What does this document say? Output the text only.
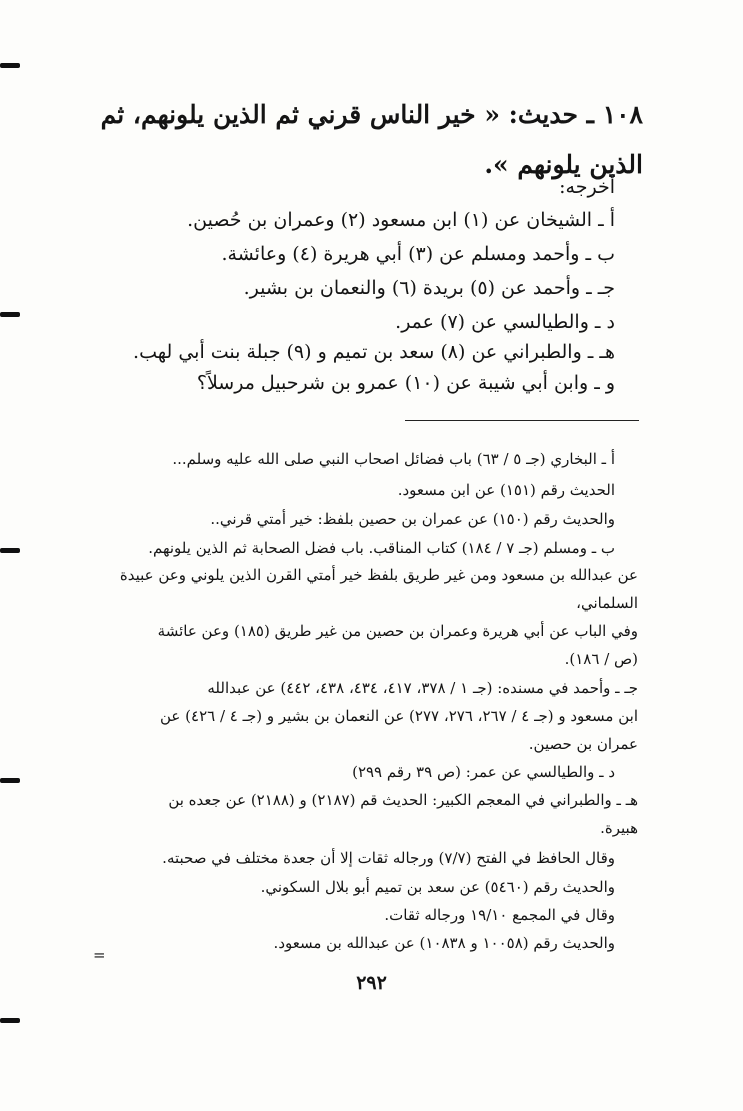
١٠٨ ـ حديث: « خير الناس قرني ثم الذين يلونهم، ثم الذين يلونهم ».
أخرجه:
أ ـ الشيخان عن (١) ابن مسعود (٢) وعمران بن حُصين.
ب ـ وأحمد ومسلم عن (٣) أبي هريرة (٤) وعائشة.
جـ ـ وأحمد عن (٥) بريدة (٦) والنعمان بن بشير.
د ـ والطيالسي عن (٧) عمر.
هـ ـ والطبراني عن (٨) سعد بن تميم و (٩) جبلة بنت أبي لهب.
و ـ وابن أبي شيبة عن (١٠) عمرو بن شرحبيل مرسلاً؟
أ ـ البخاري (جـ ٥ / ٦٣) باب فضائل اصحاب النبي صلى الله عليه وسلم...
الحديث رقم (١٥١) عن ابن مسعود.
والحديث رقم (١٥٠) عن عمران بن حصين بلفظ: خير أمتي قرني..
ب ـ ومسلم (جـ ٧ / ١٨٤) كتاب المناقب. باب فضل الصحابة ثم الذين يلونهم.
عن عبدالله بن مسعود ومن غير طريق بلفظ خير أمتي القرن الذين يلوني وعن عبيدة
السلماني،
وفي الباب عن أبي هريرة وعمران بن حصين من غير طريق (١٨٥) وعن عائشة
(ص / ١٨٦).
جـ ـ وأحمد في مسنده: (جـ ١ / ٣٧٨، ٤١٧، ٤٣٤، ٤٣٨، ٤٤٢) عن عبدالله
ابن مسعود و (جـ ٤ / ٢٦٧، ٢٧٦، ٢٧٧) عن النعمان بن بشير و (جـ ٤ / ٤٢٦) عن
عمران بن حصين.
د ـ والطيالسي عن عمر: (ص ٣٩ رقم ٢٩٩)
هـ ـ والطبراني في المعجم الكبير: الحديث قم (٢١٨٧) و (٢١٨٨) عن جعده بن
هبيرة.
وقال الحافظ في الفتح (٧/٧) ورجاله ثقات إلا أن جعدة مختلف في صحبته.
والحديث رقم (٥٤٦٠) عن سعد بن تميم أبو بلال السكوني.
وقال في المجمع ١٩/١٠ ورجاله ثقات.
والحديث رقم (١٠٠٥٨ و ١٠٨٣٨) عن عبدالله بن مسعود.
=
٢٩٢
